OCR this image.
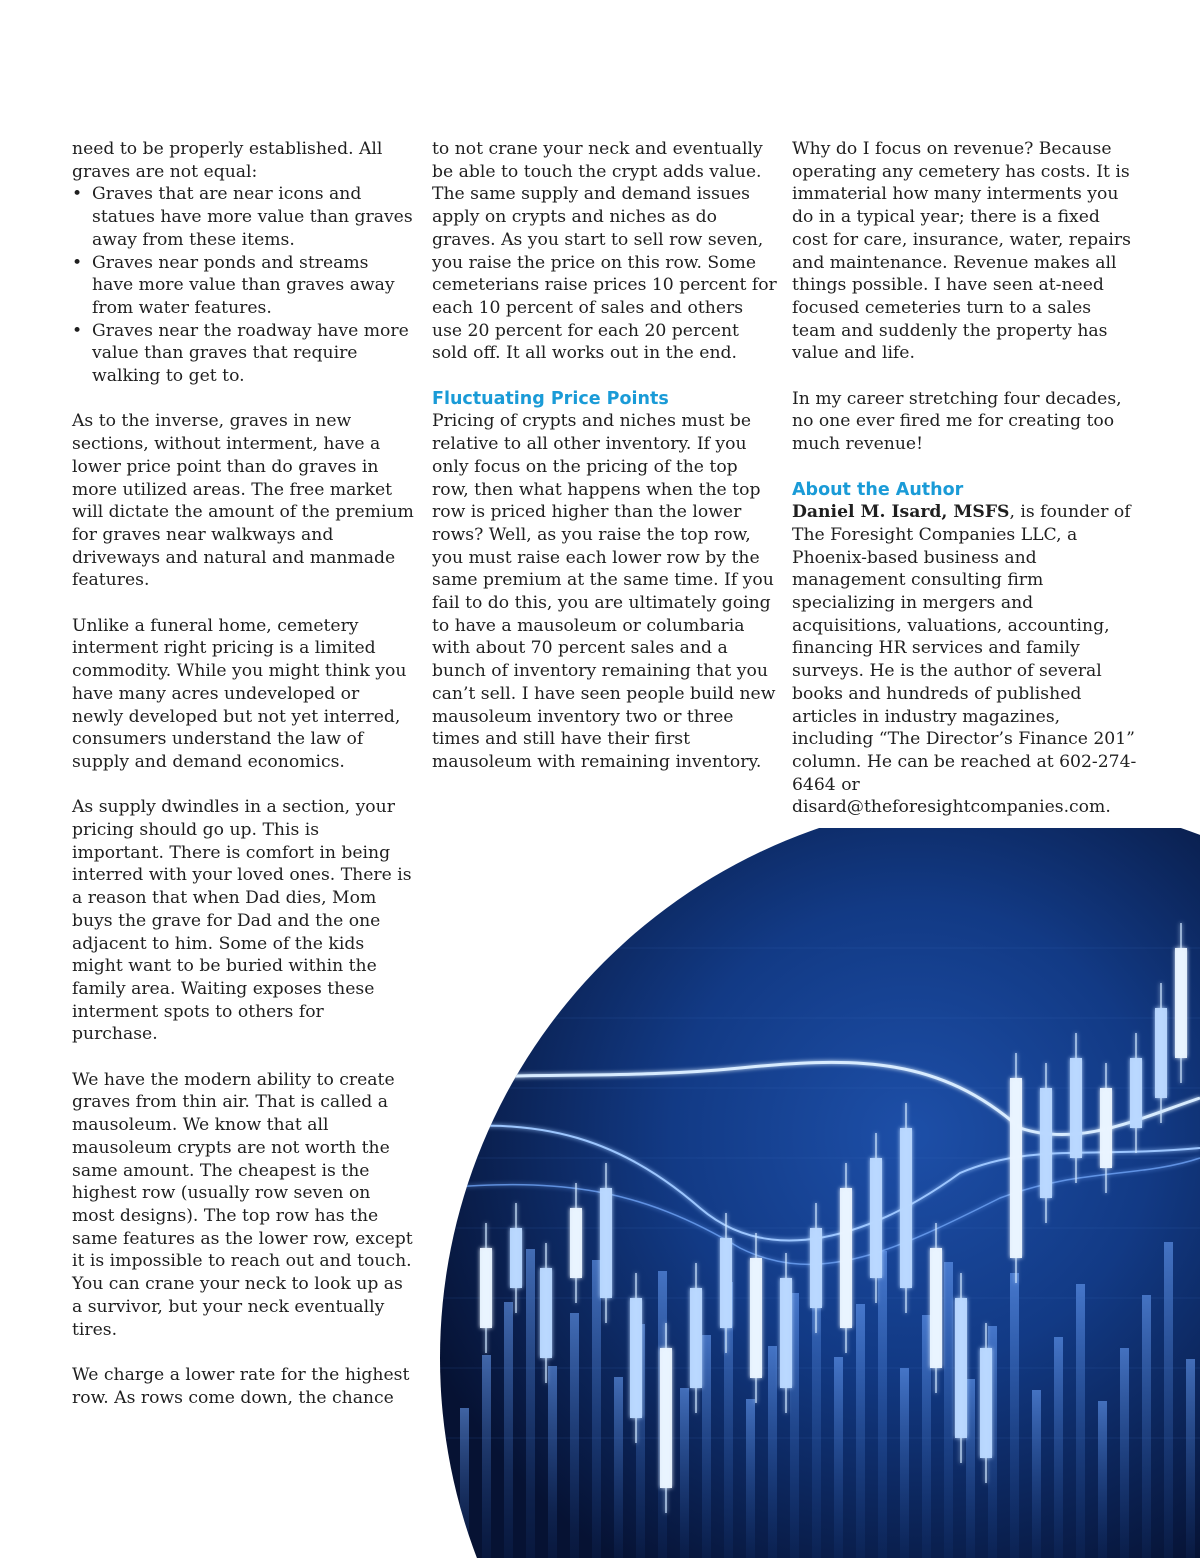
need to be properly established. All graves are not equal:

• Graves that are near icons and statues have more value than graves away from these items.
• Graves near ponds and streams have more value than graves away from water features.
• Graves near the roadway have more value than graves that require walking to get to.

As to the inverse, graves in new sections, without interment, have a lower price point than do graves in more utilized areas. The free market will dictate the amount of the premium for graves near walkways and driveways and natural and manmade features.

Unlike a funeral home, cemetery interment right pricing is a limited commodity. While you might think you have many acres undeveloped or newly developed but not yet interred, consumers understand the law of supply and demand economics.

As supply dwindles in a section, your pricing should go up. This is important. There is comfort in being interred with your loved ones. There is a reason that when Dad dies, Mom buys the grave for Dad and the one adjacent to him. Some of the kids might want to be buried within the family area. Waiting exposes these interment spots to others for purchase.

We have the modern ability to create graves from thin air. That is called a mausoleum. We know that all mausoleum crypts are not worth the same amount. The cheapest is the highest row (usually row seven on most designs). The top row has the same features as the lower row, except it is impossible to reach out and touch. You can crane your neck to look up as a survivor, but your neck eventually tires.

We charge a lower rate for the highest row. As rows come down, the chance

to not crane your neck and eventually be able to touch the crypt adds value. The same supply and demand issues apply on crypts and niches as do graves. As you start to sell row seven, you raise the price on this row. Some cemeterians raise prices 10 percent for each 10 percent of sales and others use 20 percent for each 20 percent sold off. It all works out in the end.

Fluctuating Price Points

Pricing of crypts and niches must be relative to all other inventory. If you only focus on the pricing of the top row, then what happens when the top row is priced higher than the lower rows? Well, as you raise the top row, you must raise each lower row by the same premium at the same time. If you fail to do this, you are ultimately going to have a mausoleum or columbaria with about 70 percent sales and a bunch of inventory remaining that you can’t sell. I have seen people build new mausoleum inventory two or three times and still have their first mausoleum with remaining inventory.

Why do I focus on revenue? Because operating any cemetery has costs. It is immaterial how many interments you do in a typical year; there is a fixed cost for care, insurance, water, repairs and maintenance. Revenue makes all things possible. I have seen at-need focused cemeteries turn to a sales team and suddenly the property has value and life.

In my career stretching four decades, no one ever fired me for creating too much revenue!

About the Author

Daniel M. Isard, MSFS, is founder of The Foresight Companies LLC, a Phoenix-based business and management consulting firm specializing in mergers and acquisitions, valuations, accounting, financing HR services and family surveys. He is the author of several books and hundreds of published articles in industry magazines, including “The Director’s Finance 201” column. He can be reached at 602-274-6464 or disard@theforesightcompanies.com.
